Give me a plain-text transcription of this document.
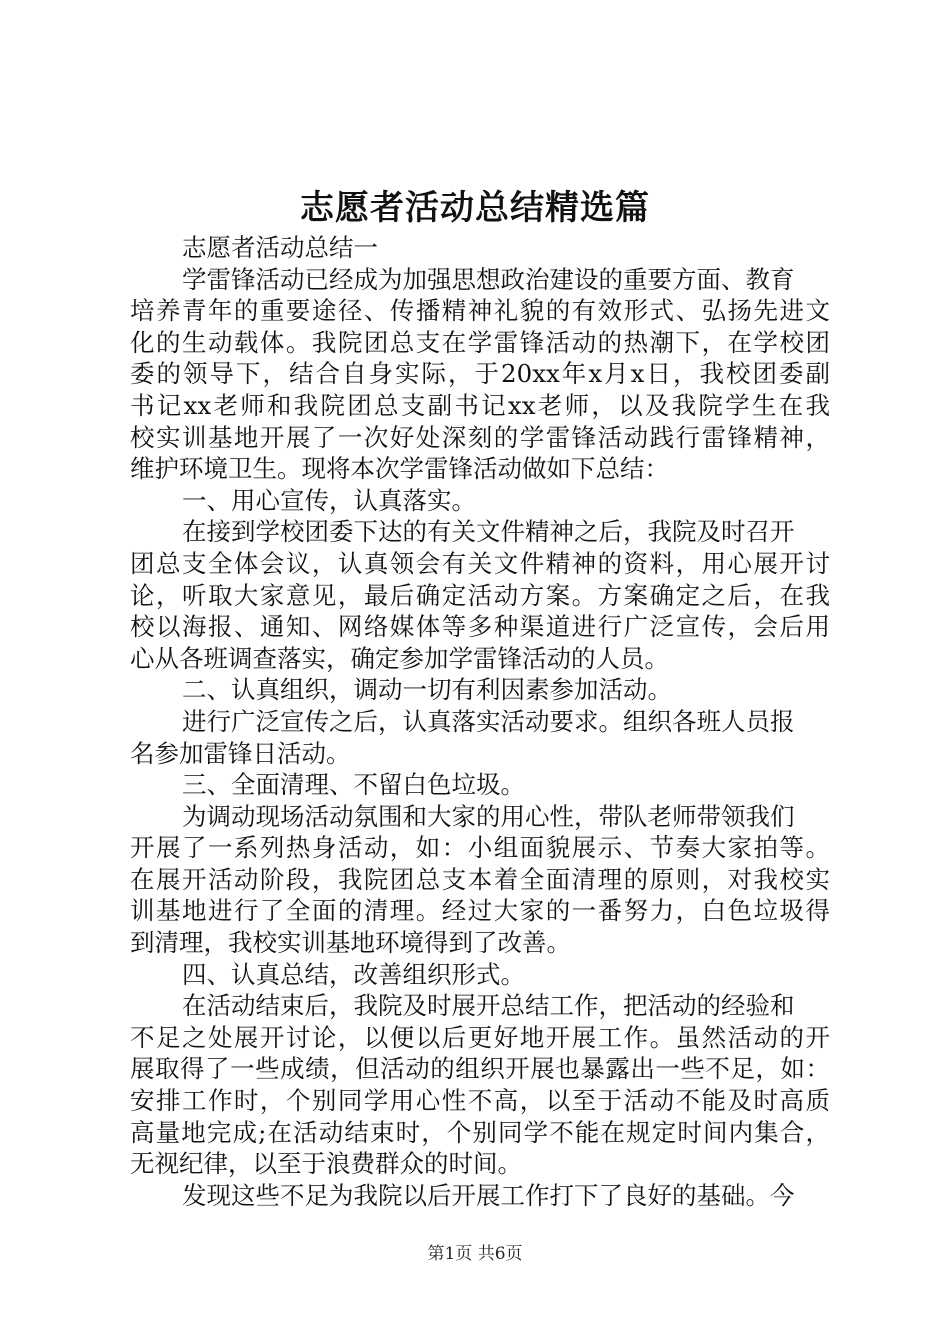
志愿者活动总结精选篇
志愿者活动总结一
学雷锋活动已经成为加强思想政治建设的重要方面、教育
培养青年的重要途径、传播精神礼貌的有效形式、弘扬先进文
化的生动载体。我院团总支在学雷锋活动的热潮下，在学校团
委的领导下，结合自身实际，于20xx年x月x日，我校团委副
书记xx老师和我院团总支副书记xx老师，以及我院学生在我
校实训基地开展了一次好处深刻的学雷锋活动践行雷锋精神，
维护环境卫生。现将本次学雷锋活动做如下总结：
一、用心宣传，认真落实。
在接到学校团委下达的有关文件精神之后，我院及时召开
团总支全体会议，认真领会有关文件精神的资料，用心展开讨
论，听取大家意见，最后确定活动方案。方案确定之后，在我
校以海报、通知、网络媒体等多种渠道进行广泛宣传，会后用
心从各班调查落实，确定参加学雷锋活动的人员。
二、认真组织，调动一切有利因素参加活动。
进行广泛宣传之后，认真落实活动要求。组织各班人员报
名参加雷锋日活动。
三、全面清理、不留白色垃圾。
为调动现场活动氛围和大家的用心性，带队老师带领我们
开展了一系列热身活动，如：小组面貌展示、节奏大家拍等。
在展开活动阶段，我院团总支本着全面清理的原则，对我校实
训基地进行了全面的清理。经过大家的一番努力，白色垃圾得
到清理，我校实训基地环境得到了改善。
四、认真总结，改善组织形式。
在活动结束后，我院及时展开总结工作，把活动的经验和
不足之处展开讨论，以便以后更好地开展工作。虽然活动的开
展取得了一些成绩，但活动的组织开展也暴露出一些不足，如：
安排工作时，个别同学用心性不高，以至于活动不能及时高质
高量地完成;在活动结束时，个别同学不能在规定时间内集合，
无视纪律，以至于浪费群众的时间。
发现这些不足为我院以后开展工作打下了良好的基础。今
第1页 共6页
